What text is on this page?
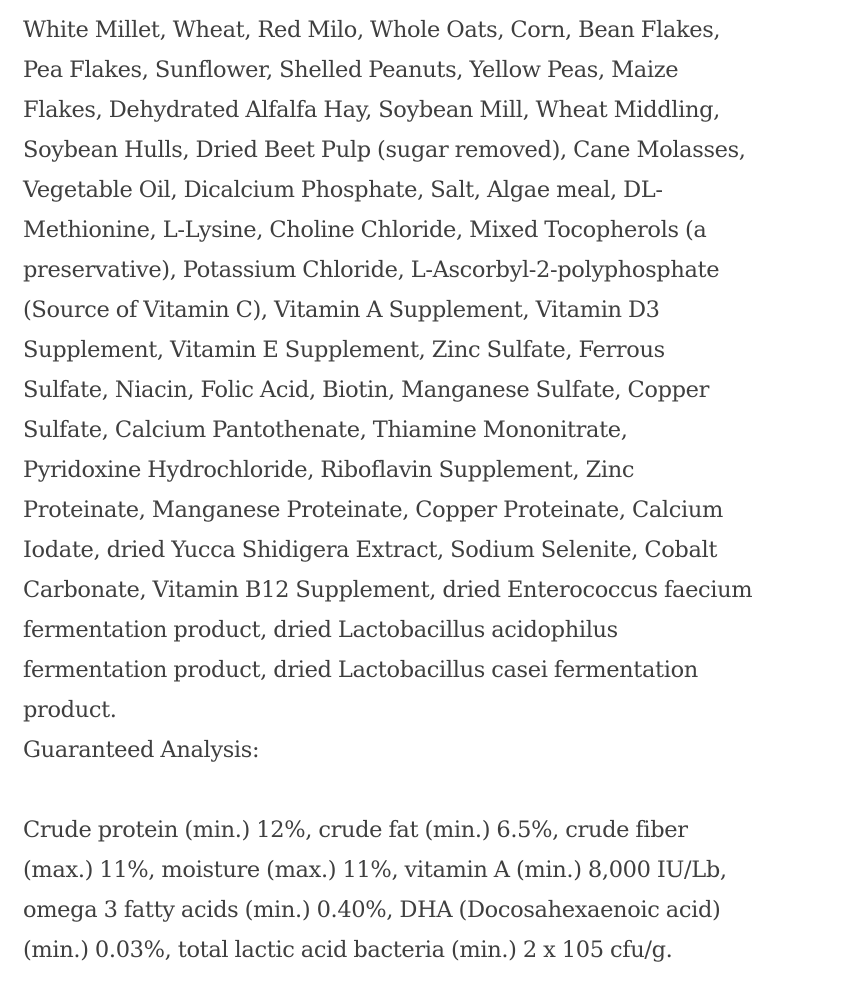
White Millet, Wheat, Red Milo, Whole Oats, Corn, Bean Flakes,
Pea Flakes, Sunflower, Shelled Peanuts, Yellow Peas, Maize
Flakes, Dehydrated Alfalfa Hay, Soybean Mill, Wheat Middling,
Soybean Hulls, Dried Beet Pulp (sugar removed), Cane Molasses,
Vegetable Oil, Dicalcium Phosphate, Salt, Algae meal, DL-
Methionine, L-Lysine, Choline Chloride, Mixed Tocopherols (a
preservative), Potassium Chloride, L-Ascorbyl-2-polyphosphate
(Source of Vitamin C), Vitamin A Supplement, Vitamin D3
Supplement, Vitamin E Supplement, Zinc Sulfate, Ferrous
Sulfate, Niacin, Folic Acid, Biotin, Manganese Sulfate, Copper
Sulfate, Calcium Pantothenate, Thiamine Mononitrate,
Pyridoxine Hydrochloride, Riboflavin Supplement, Zinc
Proteinate, Manganese Proteinate, Copper Proteinate, Calcium
Iodate, dried Yucca Shidigera Extract, Sodium Selenite, Cobalt
Carbonate, Vitamin B12 Supplement, dried Enterococcus faecium
fermentation product, dried Lactobacillus acidophilus
fermentation product, dried Lactobacillus casei fermentation
product.
Guaranteed Analysis:
Crude protein (min.) 12%, crude fat (min.) 6.5%, crude fiber
(max.) 11%, moisture (max.) 11%, vitamin A (min.) 8,000 IU/Lb,
omega 3 fatty acids (min.) 0.40%, DHA (Docosahexaenoic acid)
(min.) 0.03%, total lactic acid bacteria (min.) 2 x 105 cfu/g.
